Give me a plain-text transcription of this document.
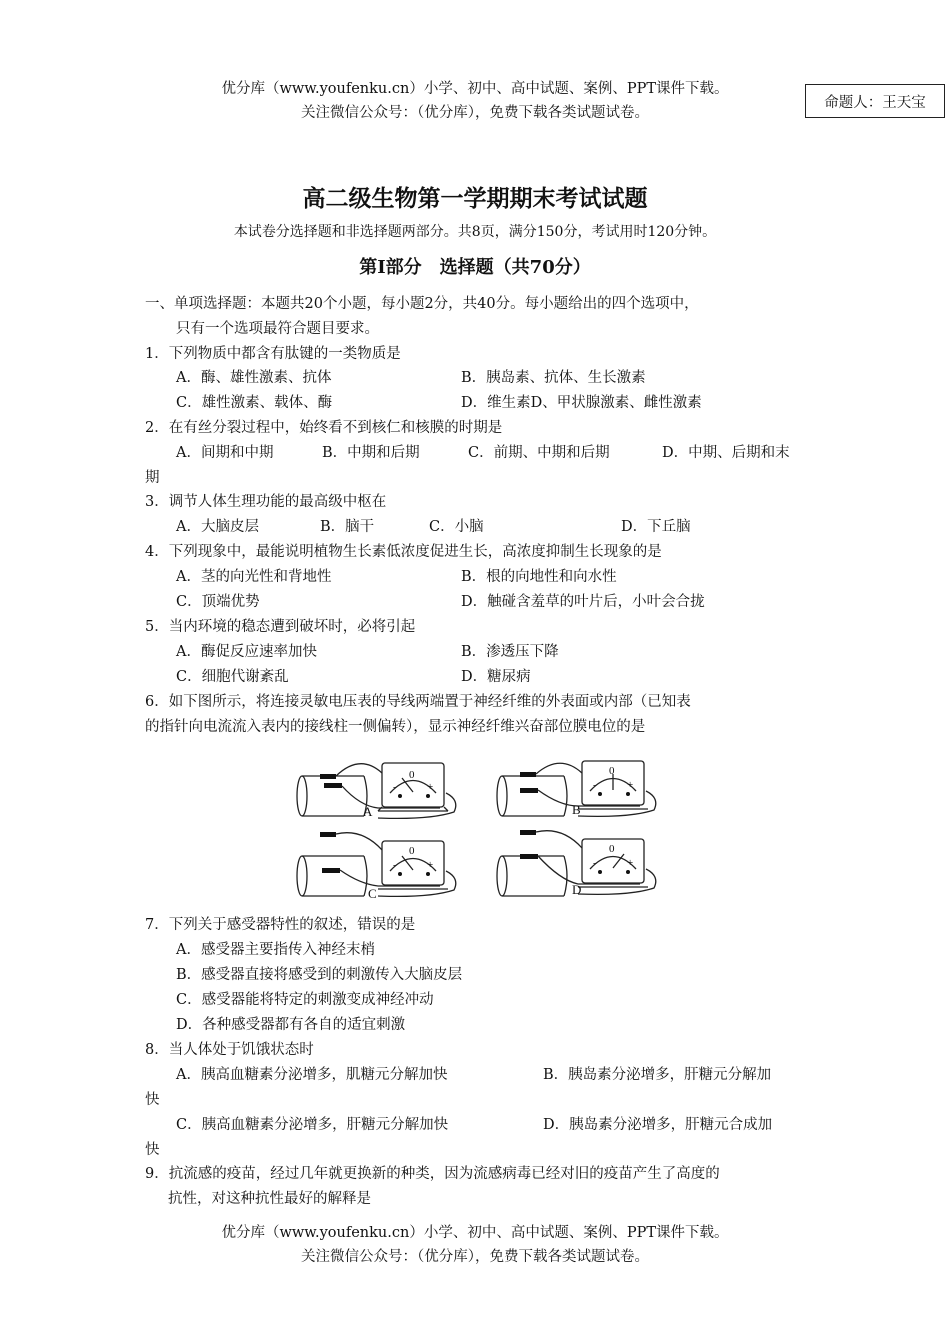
优分库（www.youfenku.cn）小学、初中、高中试题、案例、PPT课件下载。
关注微信公众号：（优分库），免费下载各类试题试卷。
命题人：王天宝
高二级生物第一学期期末考试试题
本试卷分选择题和非选择题两部分。共8页，满分150分，考试用时120分钟。
第Ⅰ部分　选择题（共70分）
一、单项选择题：本题共20个小题，每小题2分，共40分。每小题给出的四个选项中，
只有一个选项最符合题目要求。
1．下列物质中都含有肽键的一类物质是
A．酶、雄性激素、抗体	B．胰岛素、抗体、生长激素
C．雄性激素、载体、酶	D．维生素D、甲状腺激素、雌性激素
2．在有丝分裂过程中，始终看不到核仁和核膜的时期是
A．间期和中期	B．中期和后期	C．前期、中期和后期	D．中期、后期和末
期
3．调节人体生理功能的最高级中枢在
A．大脑皮层	B．脑干	C．小脑	D．下丘脑
4．下列现象中，最能说明植物生长素低浓度促进生长，高浓度抑制生长现象的是
A．茎的向光性和背地性	B．根的向地性和向水性
C．顶端优势	D．触碰含羞草的叶片后，小叶会合拢
5．当内环境的稳态遭到破坏时，必将引起
A．酶促反应速率加快	B．渗透压下降
C．细胞代谢紊乱	D．糖尿病
6．如下图所示，将连接灵敏电压表的导线两端置于神经纤维的外表面或内部（已知表
的指针向电流流入表内的接线柱一侧偏转），显示神经纤维兴奋部位膜电位的是
0
-	+
A
0
-	+
B
0
-	+
C
0
-	+
D
7．下列关于感受器特性的叙述，错误的是
A．感受器主要指传入神经末梢
B．感受器直接将感受到的刺激传入大脑皮层
C．感受器能将特定的刺激变成神经冲动
D．各种感受器都有各自的适宜刺激
8．当人体处于饥饿状态时
A．胰高血糖素分泌增多，肌糖元分解加快	B．胰岛素分泌增多，肝糖元分解加
快
C．胰高血糖素分泌增多，肝糖元分解加快	D．胰岛素分泌增多，肝糖元合成加
快
9．抗流感的疫苗，经过几年就更换新的种类，因为流感病毒已经对旧的疫苗产生了高度的
抗性，对这种抗性最好的解释是
优分库（www.youfenku.cn）小学、初中、高中试题、案例、PPT课件下载。
关注微信公众号：（优分库），免费下载各类试题试卷。
